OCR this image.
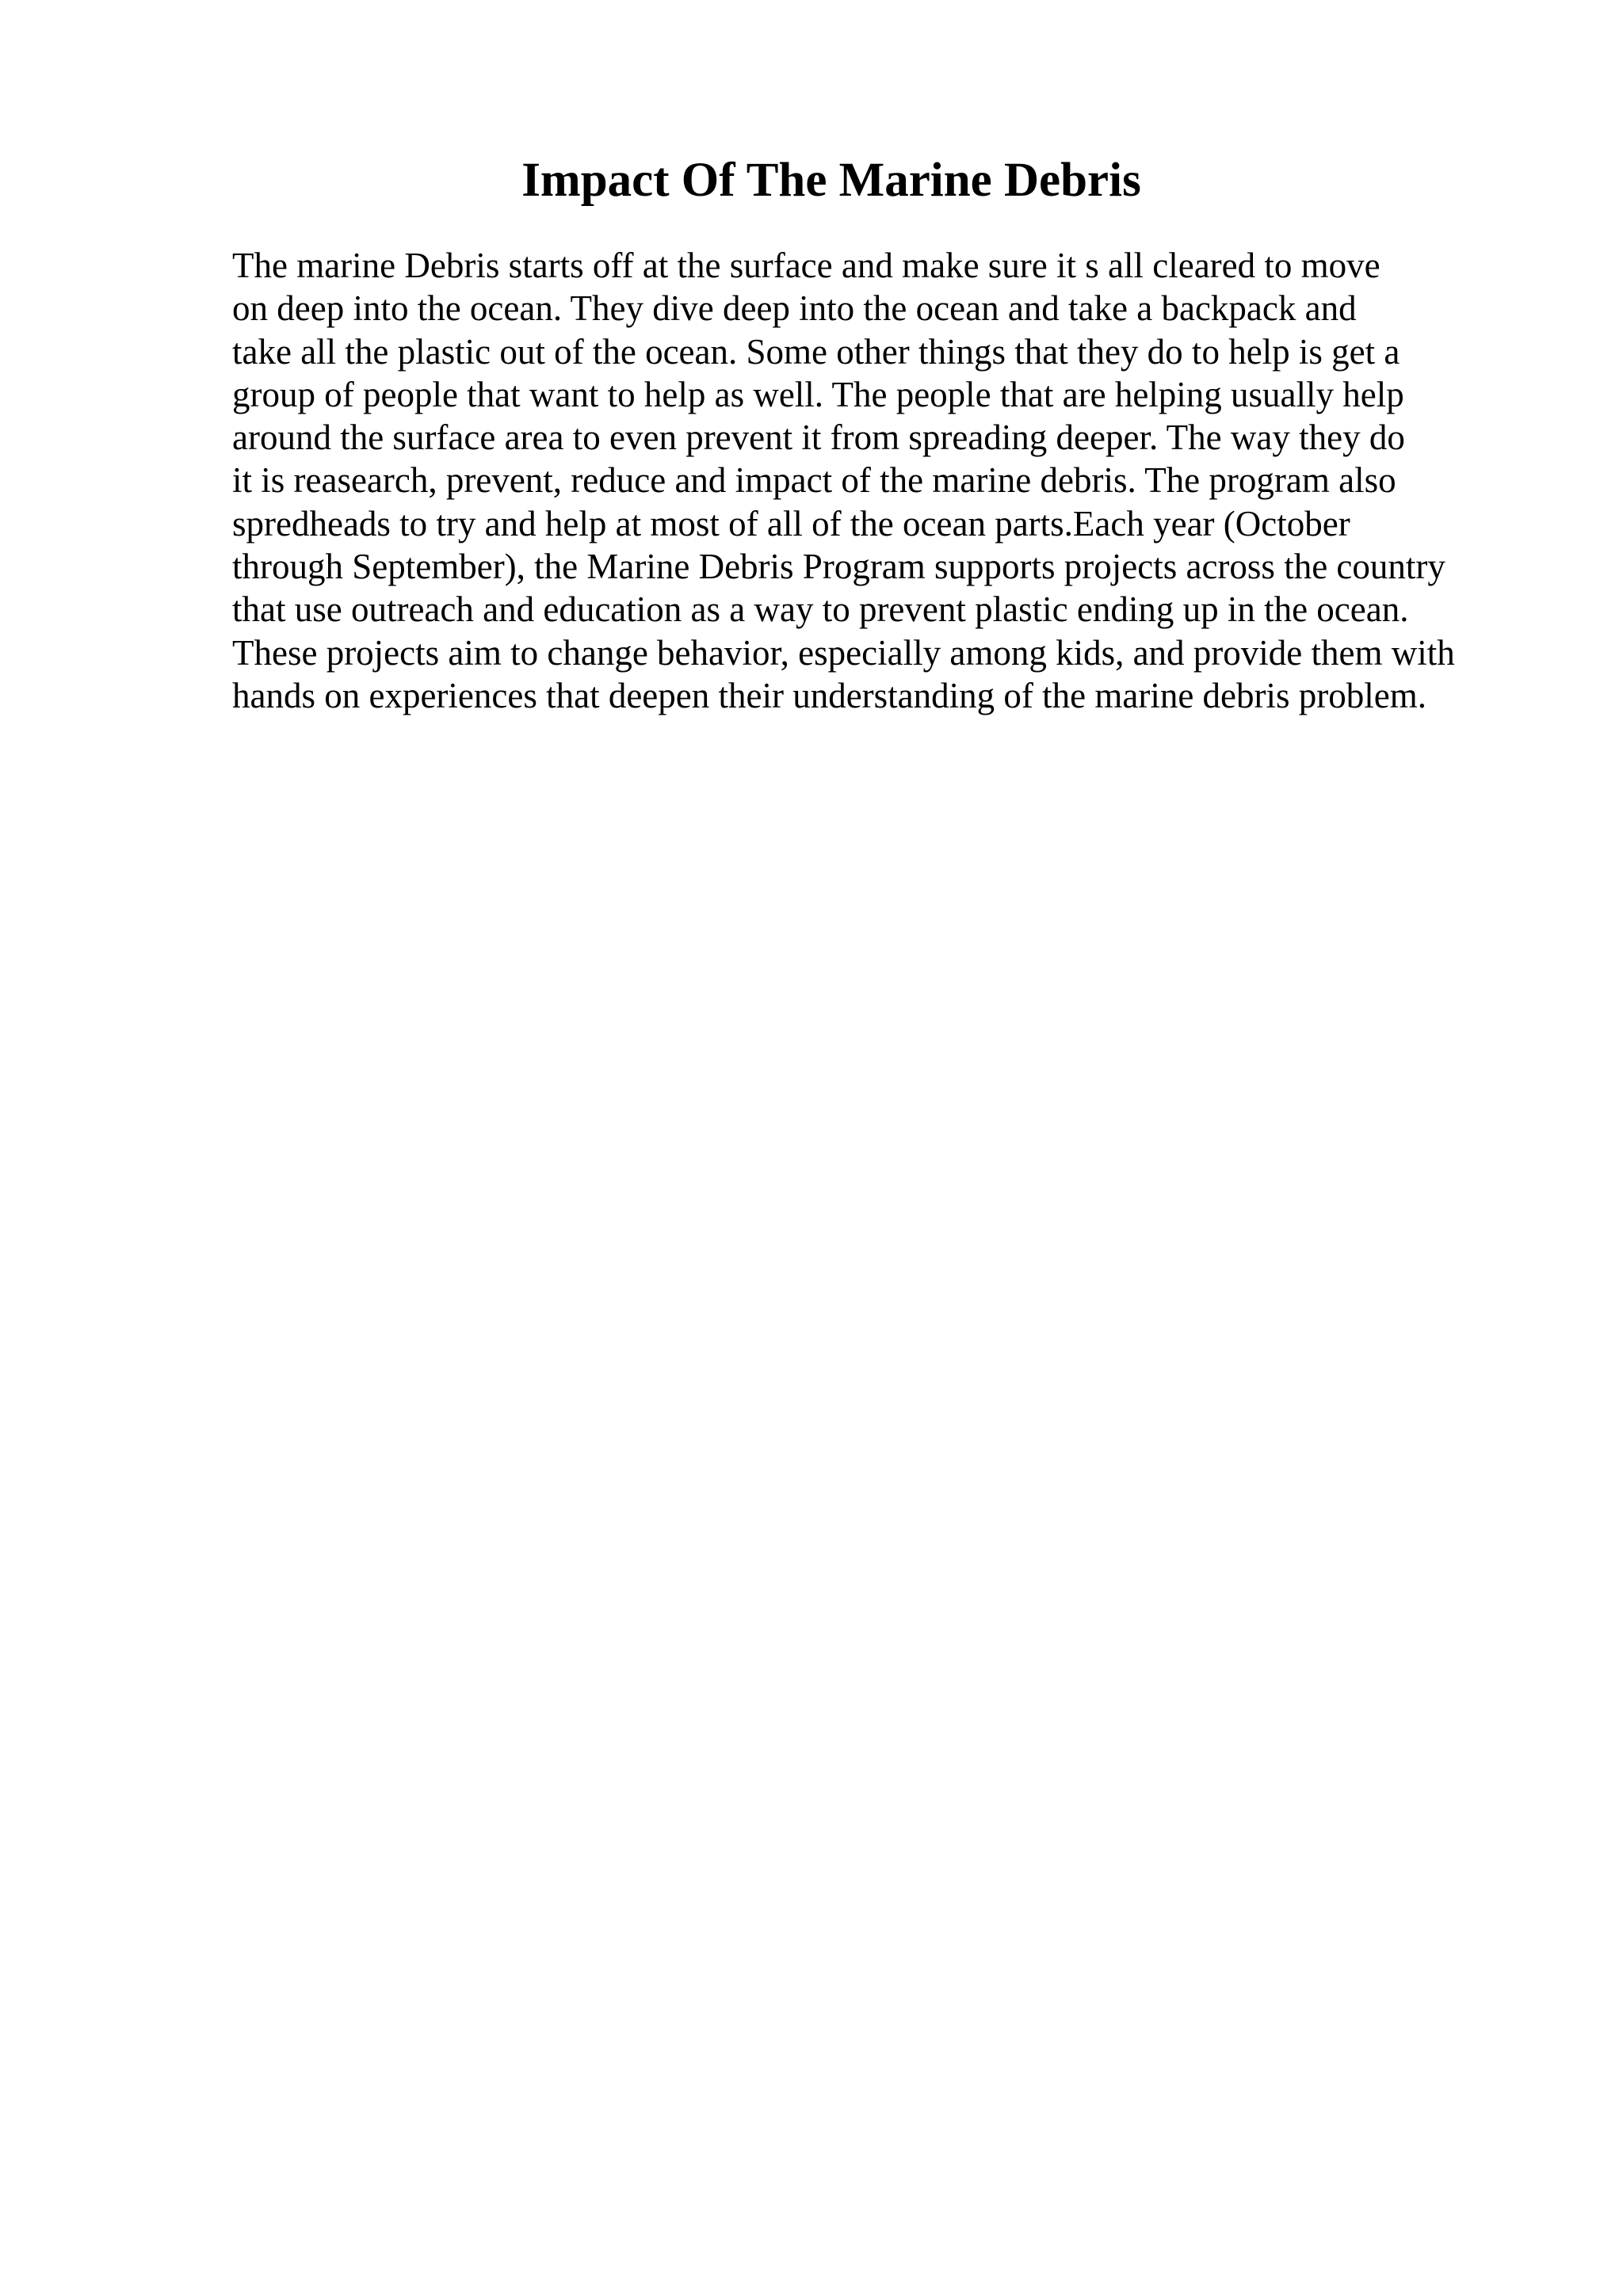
Impact Of The Marine Debris
The marine Debris starts off at the surface and make sure it s all cleared to move
on deep into the ocean. They dive deep into the ocean and take a backpack and
take all the plastic out of the ocean. Some other things that they do to help is get a
group of people that want to help as well. The people that are helping usually help
around the surface area to even prevent it from spreading deeper. The way they do
it is reasearch, prevent, reduce and impact of the marine debris. The program also
spredheads to try and help at most of all of the ocean parts.Each year (October
through September), the Marine Debris Program supports projects across the country
that use outreach and education as a way to prevent plastic ending up in the ocean.
These projects aim to change behavior, especially among kids, and provide them with
hands on experiences that deepen their understanding of the marine debris problem.
